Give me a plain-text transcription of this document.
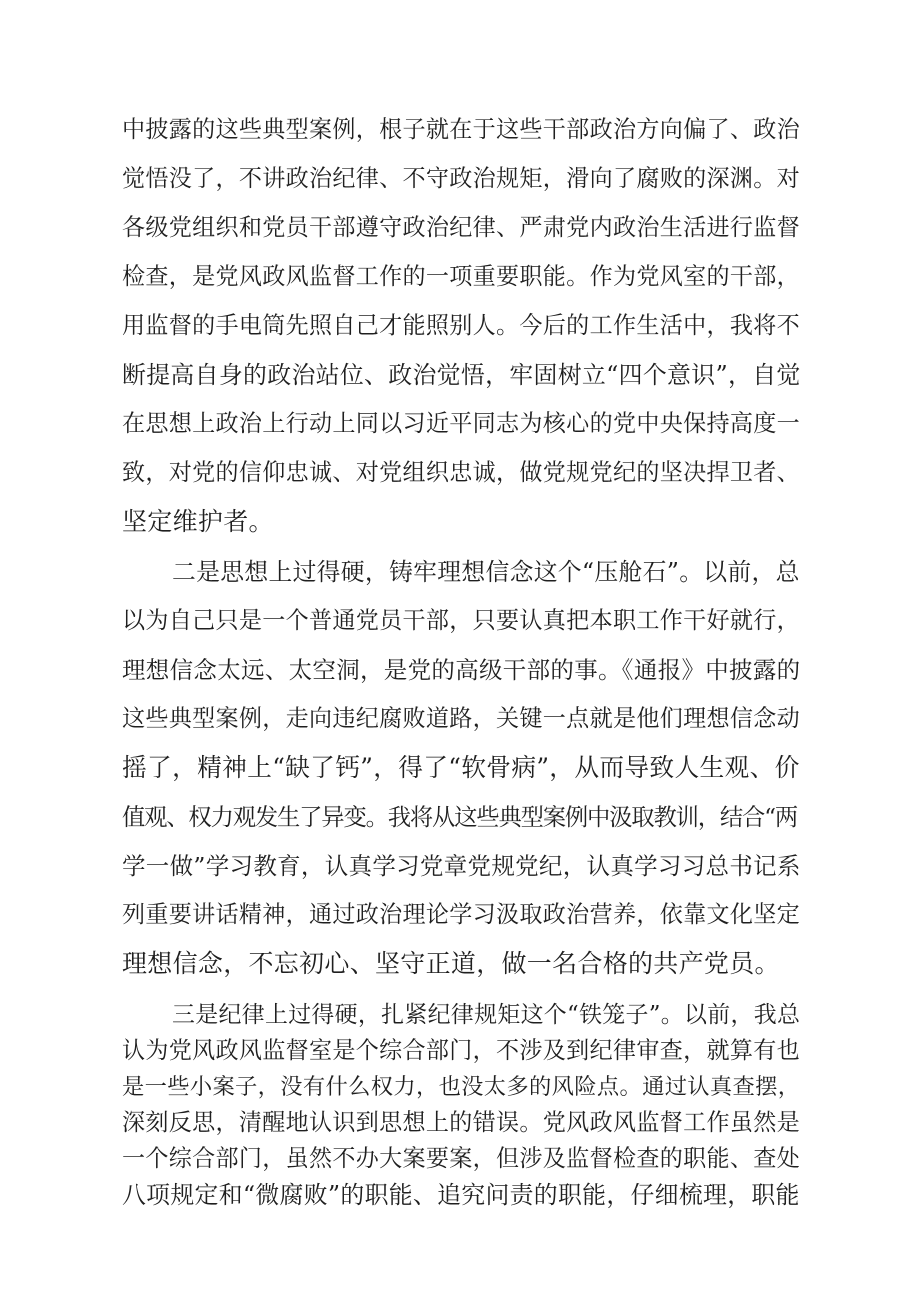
中披露的这些典型案例，根子就在于这些干部政治方向偏了、政治
觉悟没了，不讲政治纪律、不守政治规矩，滑向了腐败的深渊。对
各级党组织和党员干部遵守政治纪律、严肃党内政治生活进行监督
检查，是党风政风监督工作的一项重要职能。作为党风室的干部，
用监督的手电筒先照自己才能照别人。今后的工作生活中，我将不
断提高自身的政治站位、政治觉悟，牢固树立“四个意识”，自觉
在思想上政治上行动上同以习近平同志为核心的党中央保持高度一
致，对党的信仰忠诚、对党组织忠诚，做党规党纪的坚决捍卫者、
坚定维护者。
二是思想上过得硬，铸牢理想信念这个“压舱石”。以前，总
以为自己只是一个普通党员干部，只要认真把本职工作干好就行，
理想信念太远、太空洞，是党的高级干部的事。《通报》中披露的
这些典型案例，走向违纪腐败道路，关键一点就是他们理想信念动
摇了，精神上“缺了钙”，得了“软骨病”，从而导致人生观、价
值观、权力观发生了异变。我将从这些典型案例中汲取教训，结合“两
学一做”学习教育，认真学习党章党规党纪，认真学习习总书记系
列重要讲话精神，通过政治理论学习汲取政治营养，依靠文化坚定
理想信念，不忘初心、坚守正道，做一名合格的共产党员。
三是纪律上过得硬，扎紧纪律规矩这个“铁笼子”。以前，我总
认为党风政风监督室是个综合部门，不涉及到纪律审查，就算有也
是一些小案子，没有什么权力，也没太多的风险点。通过认真查摆，
深刻反思，清醒地认识到思想上的错误。党风政风监督工作虽然是
一个综合部门，虽然不办大案要案，但涉及监督检查的职能、查处
八项规定和“微腐败”的职能、追究问责的职能，仔细梳理，职能
